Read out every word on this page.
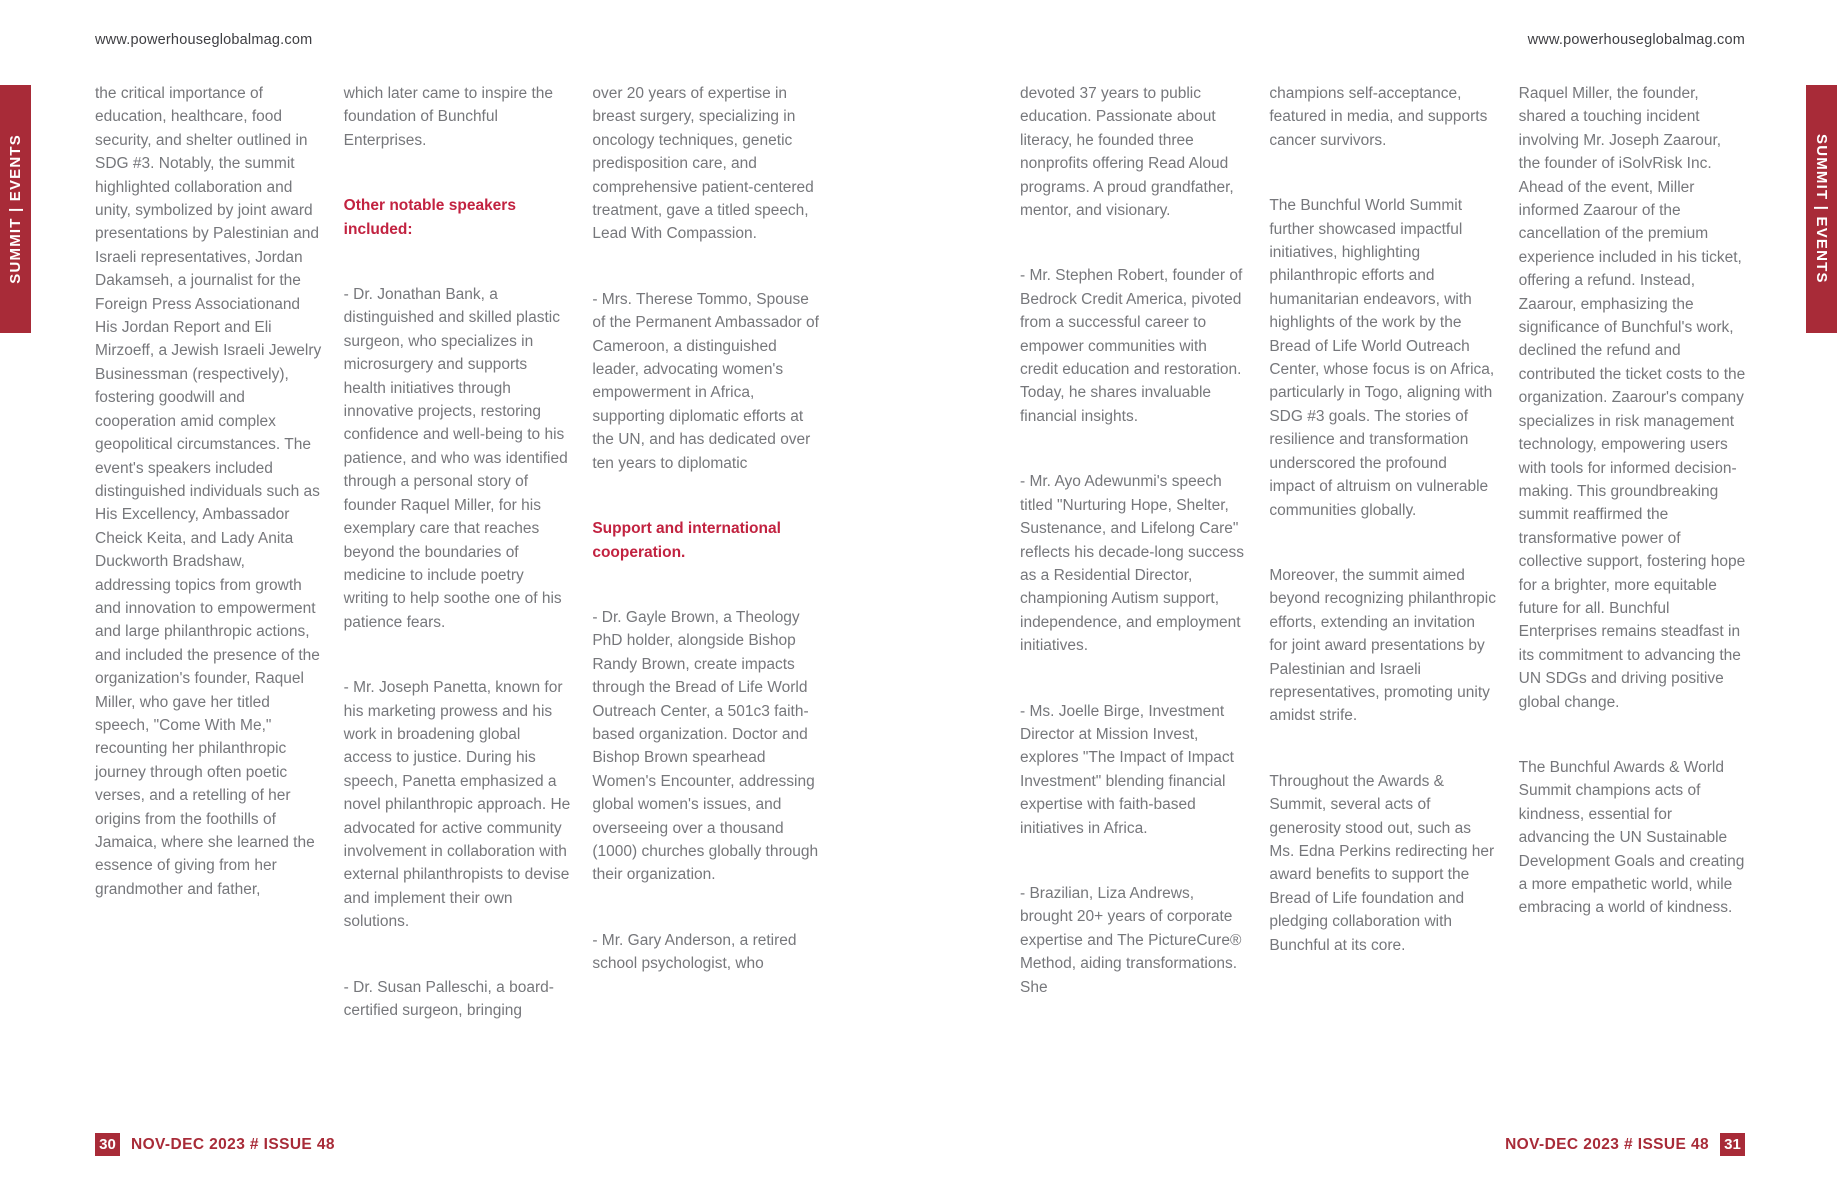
www.powerhouseglobalmag.com
SUMMIT | EVENTS

the critical importance of education, healthcare, food security, and shelter outlined in SDG #3. Notably, the summit highlighted collaboration and unity, symbolized by joint award presentations by Palestinian and Israeli representatives, Jordan Dakamseh, a journalist for the Foreign Press Associationand His Jordan Report and Eli Mirzoeff, a Jewish Israeli Jewelry Businessman (respectively), fostering goodwill and cooperation amid complex geopolitical circumstances. The event's speakers included distinguished individuals such as His Excellency, Ambassador Cheick Keita, and Lady Anita Duckworth Bradshaw, addressing topics from growth and innovation to empowerment and large philanthropic actions, and included the presence of the organization's founder, Raquel Miller, who gave her titled speech, "Come With Me," recounting her philanthropic journey through often poetic verses, and a retelling of her origins from the foothills of Jamaica, where she learned the essence of giving from her grandmother and father,

which later came to inspire the foundation of Bunchful Enterprises.

Other notable speakers included:

- Dr. Jonathan Bank, a distinguished and skilled plastic surgeon, who specializes in microsurgery and supports health initiatives through innovative projects, restoring confidence and well-being to his patience, and who was identified through a personal story of founder Raquel Miller, for his exemplary care that reaches beyond the boundaries of medicine to include poetry writing to help soothe one of his patience fears.

- Mr. Joseph Panetta, known for his marketing prowess and his work in broadening global access to justice. During his speech, Panetta emphasized a novel philanthropic approach. He advocated for active community involvement in collaboration with external philanthropists to devise and implement their own solutions.

- Dr. Susan Palleschi, a board-certified surgeon, bringing

over 20 years of expertise in breast surgery, specializing in oncology techniques, genetic predisposition care, and comprehensive patient-centered treatment, gave a titled speech, Lead With Compassion.

- Mrs. Therese Tommo, Spouse of the Permanent Ambassador of Cameroon, a distinguished leader, advocating women's empowerment in Africa, supporting diplomatic efforts at the UN, and has dedicated over ten years to diplomatic

Support and international cooperation.

- Dr. Gayle Brown, a Theology PhD holder, alongside Bishop Randy Brown, create impacts through the Bread of Life World Outreach Center, a 501c3 faith-based organization. Doctor and Bishop Brown spearhead Women's Encounter, addressing global women's issues, and overseeing over a thousand (1000) churches globally through their organization.

- Mr. Gary Anderson, a retired school psychologist, who

30 NOV-DEC 2023 # ISSUE 48
www.powerhouseglobalmag.com
SUMMIT | EVENTS

devoted 37 years to public education. Passionate about literacy, he founded three nonprofits offering Read Aloud programs. A proud grandfather, mentor, and visionary.

- Mr. Stephen Robert, founder of Bedrock Credit America, pivoted from a successful career to empower communities with credit education and restoration. Today, he shares invaluable financial insights.

- Mr. Ayo Adewunmi's speech titled "Nurturing Hope, Shelter, Sustenance, and Lifelong Care" reflects his decade-long success as a Residential Director, championing Autism support, independence, and employment initiatives.

- Ms. Joelle Birge, Investment Director at Mission Invest, explores "The Impact of Impact Investment" blending financial expertise with faith-based initiatives in Africa.

- Brazilian, Liza Andrews, brought 20+ years of corporate expertise and The PictureCure® Method, aiding transformations. She

champions self-acceptance, featured in media, and supports cancer survivors.

The Bunchful World Summit further showcased impactful initiatives, highlighting philanthropic efforts and humanitarian endeavors, with highlights of the work by the Bread of Life World Outreach Center, whose focus is on Africa, particularly in Togo, aligning with SDG #3 goals. The stories of resilience and transformation underscored the profound impact of altruism on vulnerable communities globally.

Moreover, the summit aimed beyond recognizing philanthropic efforts, extending an invitation for joint award presentations by Palestinian and Israeli representatives, promoting unity amidst strife.

Throughout the Awards & Summit, several acts of generosity stood out, such as Ms. Edna Perkins redirecting her award benefits to support the Bread of Life foundation and pledging collaboration with Bunchful at its core.

Raquel Miller, the founder, shared a touching incident involving Mr. Joseph Zaarour, the founder of iSolvRisk Inc. Ahead of the event, Miller informed Zaarour of the cancellation of the premium experience included in his ticket, offering a refund. Instead, Zaarour, emphasizing the significance of Bunchful's work, declined the refund and contributed the ticket costs to the organization. Zaarour's company specializes in risk management technology, empowering users with tools for informed decision-making. This groundbreaking summit reaffirmed the transformative power of collective support, fostering hope for a brighter, more equitable future for all. Bunchful Enterprises remains steadfast in its commitment to advancing the UN SDGs and driving positive global change.

The Bunchful Awards & World Summit champions acts of kindness, essential for advancing the UN Sustainable Development Goals and creating a more empathetic world, while embracing a world of kindness.

NOV-DEC 2023 # ISSUE 48 31
